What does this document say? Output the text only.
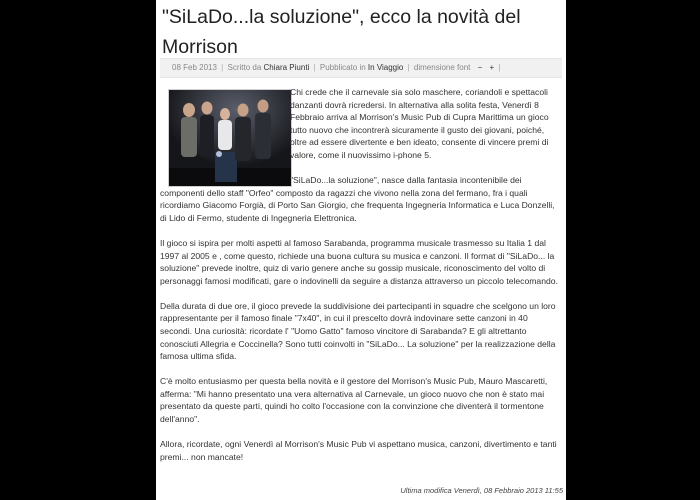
"SiLaDo...la soluzione", ecco la novità del Morrison
08 Feb 2013 | Scritto da Chiara Piunti | Pubblicato in In Viaggio | dimensione font − + |

Chi crede che il carnevale sia solo maschere, coriandoli e spettacoli danzanti dovrà ricredersi. In alternativa alla solita festa, Venerdì 8 Febbraio arriva al Morrison's Music Pub di Cupra Marittima un gioco tutto nuovo che incontrerà sicuramente il gusto dei giovani, poiché, oltre ad essere divertente e ben ideato, consente di vincere premi di valore, come il nuovissimo i-phone 5.

"SiLaDo...la soluzione", nasce dalla fantasia incontenibile dei componenti dello staff "Orfeo" composto da ragazzi che vivono nella zona del fermano, fra i quali ricordiamo Giacomo Forgià, di Porto San Giorgio, che frequenta Ingegneria Informatica e Luca Donzelli, di Lido di Fermo, studente di Ingegneria Elettronica.

Il gioco si ispira per molti aspetti al famoso Sarabanda, programma musicale trasmesso su Italia 1 dal 1997 al 2005 e , come questo, richiede una buona cultura su musica e canzoni. Il format di "SiLaDo... la soluzione" prevede inoltre, quiz di vario genere anche su gossip musicale, riconoscimento del volto di personaggi famosi modificati, gare o indovinelli da seguire a distanza attraverso un piccolo telecomando.

Della durata di due ore, il gioco prevede la suddivisione dei partecipanti in squadre che scelgono un loro rappresentante per il famoso finale "7x40", in cui il prescelto dovrà indovinare sette canzoni in 40 secondi. Una curiosità: ricordate l' "Uomo Gatto" famoso vincitore di Sarabanda? E gli altrettanto conosciuti Allegria e Coccinella? Sono tutti coinvolti in "SiLaDo... La soluzione" per la realizzazione della famosa ultima sfida.

C'è molto entusiasmo per questa bella novità e il gestore del Morrison's Music Pub, Mauro Mascaretti, afferma: "Mi hanno presentato una vera alternativa al Carnevale, un gioco nuovo che non è stato mai presentato da queste parti, quindi ho colto l'occasione con la convinzione che diventerà il tormentone dell'anno".

Allora, ricordate, ogni Venerdì al Morrison's Music Pub vi aspettano musica, canzoni, divertimento e tanti premi... non mancate!

Ultima modifica Venerdì, 08 Febbraio 2013 11:55
